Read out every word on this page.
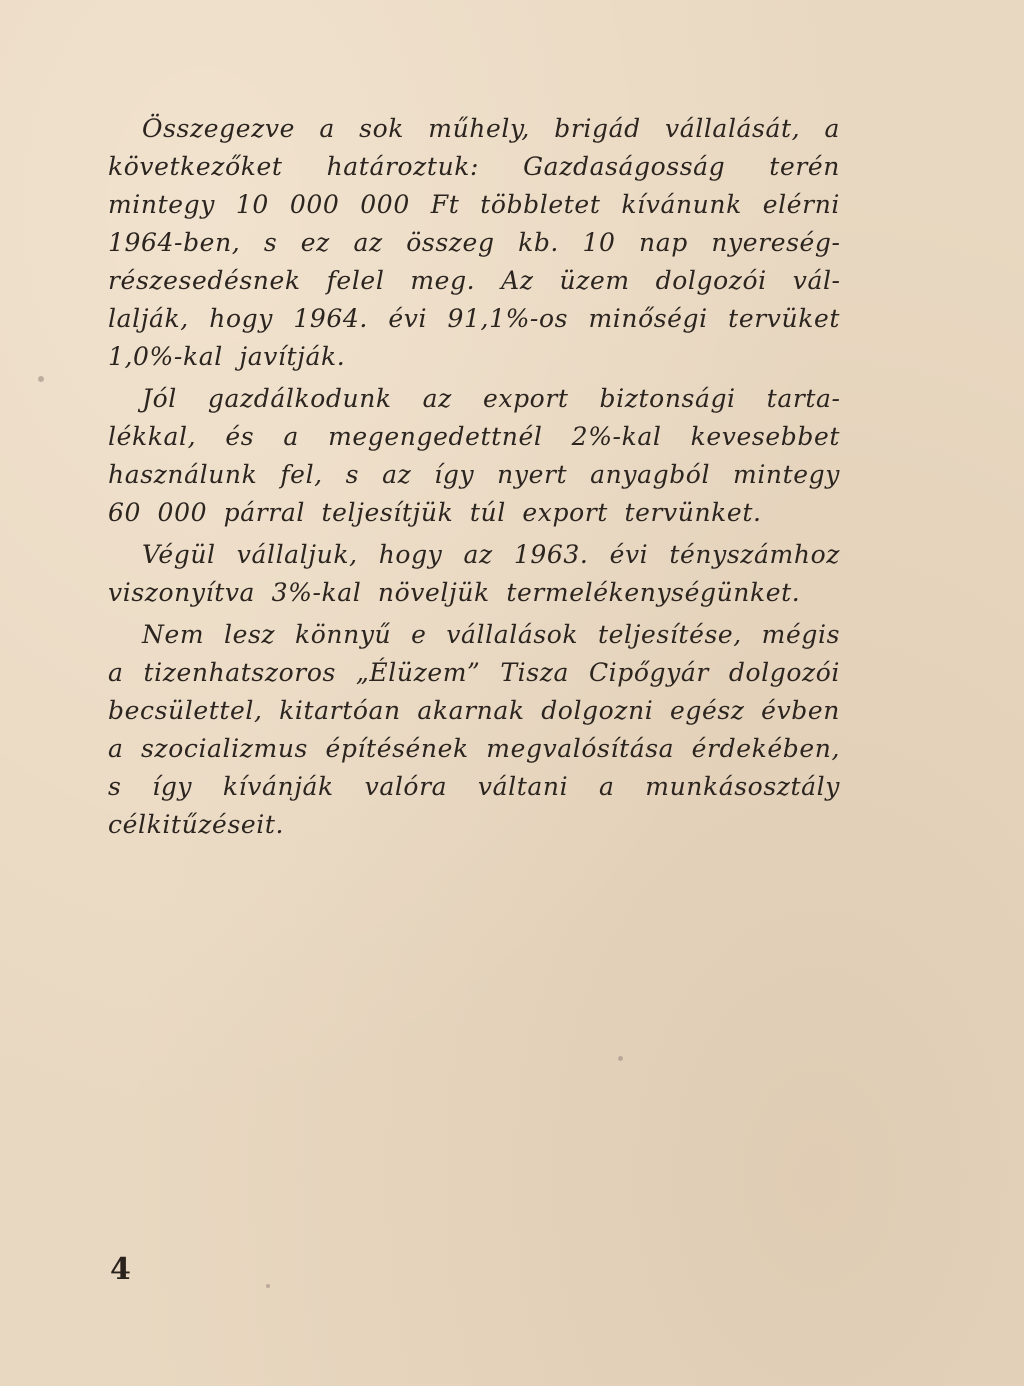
Összegezve a sok műhely, brigád vállalását, a következőket határoztuk: Gazdaságosság terén mintegy 10 000 000 Ft többletet kívánunk elérni 1964-ben, s ez az összeg kb. 10 nap nyereségrészesedésnek felel meg. Az üzem dolgozói vállalják, hogy 1964. évi 91,1%-os minőségi tervüket 1,0%-kal javítják.

Jól gazdálkodunk az export biztonsági tartalékkal, és a megengedettnél 2%-kal kevesebbet használunk fel, s az így nyert anyagból mintegy 60 000 párral teljesítjük túl export tervünket.

Végül vállaljuk, hogy az 1963. évi tényszámhoz viszonyítva 3%-kal növeljük termelékenységünket.

Nem lesz könnyű e vállalások teljesítése, mégis a tizenhatszoros „Élüzem” Tisza Cipőgyár dolgozói becsülettel, kitartóan akarnak dolgozni egész évben a szocializmus építésének megvalósítása érdekében, s így kívánják valóra váltani a munkásosztály célkitűzéseit.

4
